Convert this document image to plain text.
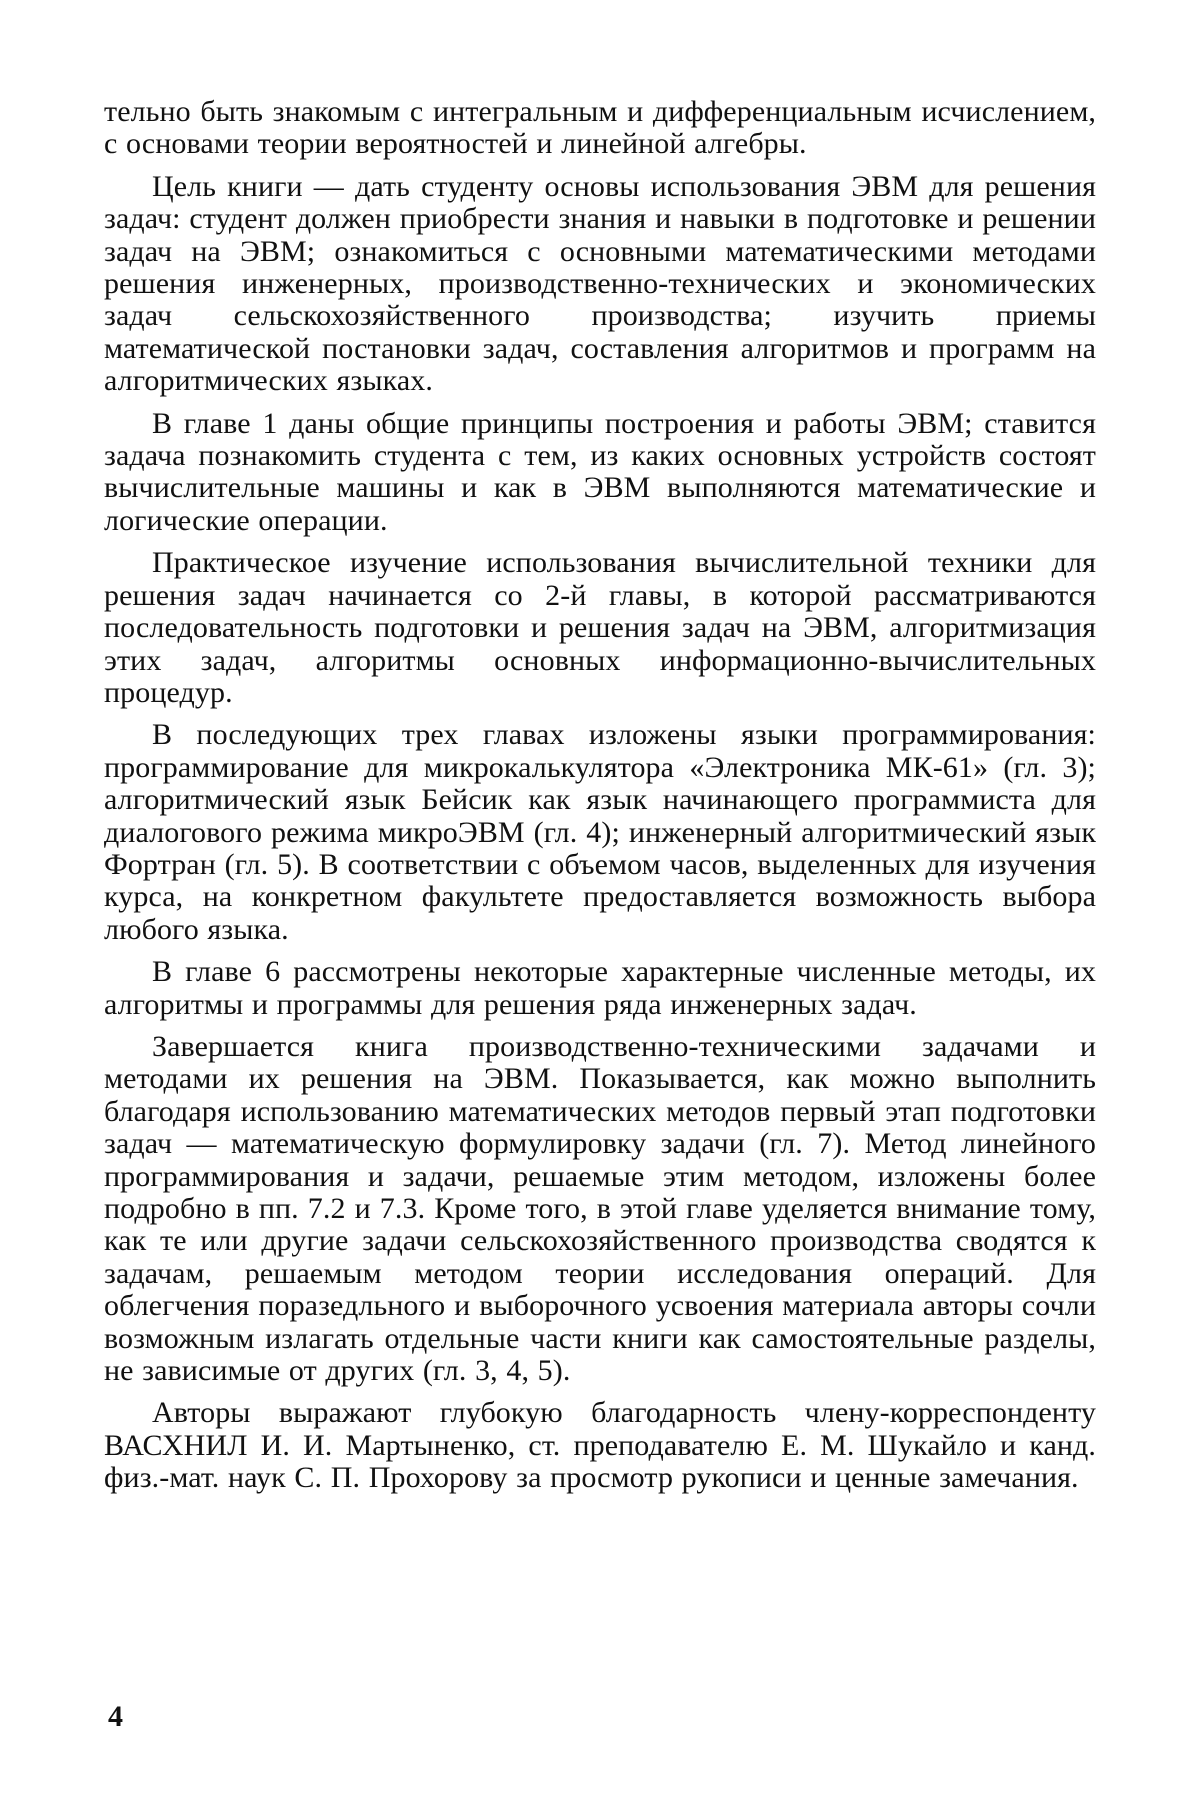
тельно быть знакомым с интегральным и дифференциальным исчислением, с основами теории вероятностей и линейной алгебры.

Цель книги — дать студенту основы использования ЭВМ для решения задач: студент должен приобрести знания и навыки в подготовке и решении задач на ЭВМ; ознакомиться с основными математическими методами решения инженерных, производственно-технических и экономических задач сельскохозяйственного производства; изучить приемы математической постановки задач, составления алгоритмов и программ на алгоритмических языках.

В главе 1 даны общие принципы построения и работы ЭВМ; ставится задача познакомить студента с тем, из каких основных устройств состоят вычислительные машины и как в ЭВМ выполняются математические и логические операции.

Практическое изучение использования вычислительной техники для решения задач начинается со 2-й главы, в которой рассматриваются последовательность подготовки и решения задач на ЭВМ, алгоритмизация этих задач, алгоритмы основных информационно-вычислительных процедур.

В последующих трех главах изложены языки программирования: программирование для микрокалькулятора «Электроника МК-61» (гл. 3); алгоритмический язык Бейсик как язык начинающего программиста для диалогового режима микроЭВМ (гл. 4); инженерный алгоритмический язык Фортран (гл. 5). В соответствии с объемом часов, выделенных для изучения курса, на конкретном факультете предоставляется возможность выбора любого языка.

В главе 6 рассмотрены некоторые характерные численные методы, их алгоритмы и программы для решения ряда инженерных задач.

Завершается книга производственно-техническими задачами и методами их решения на ЭВМ. Показывается, как можно выполнить благодаря использованию математических методов первый этап подготовки задач — математическую формулировку задачи (гл. 7). Метод линейного программирования и задачи, решаемые этим методом, изложены более подробно в пп. 7.2 и 7.3. Кроме того, в этой главе уделяется внимание тому, как те или другие задачи сельскохозяйственного производства сводятся к задачам, решаемым методом теории исследования операций. Для облегчения поразедльного и выборочного усвоения материала авторы сочли возможным излагать отдельные части книги как самостоятельные разделы, не зависимые от других (гл. 3, 4, 5).

Авторы выражают глубокую благодарность члену-корреспонденту ВАСХНИЛ И. И. Мартыненко, ст. преподавателю Е. М. Шукайло и канд. физ.-мат. наук С. П. Прохорову за просмотр рукописи и ценные замечания.

4
